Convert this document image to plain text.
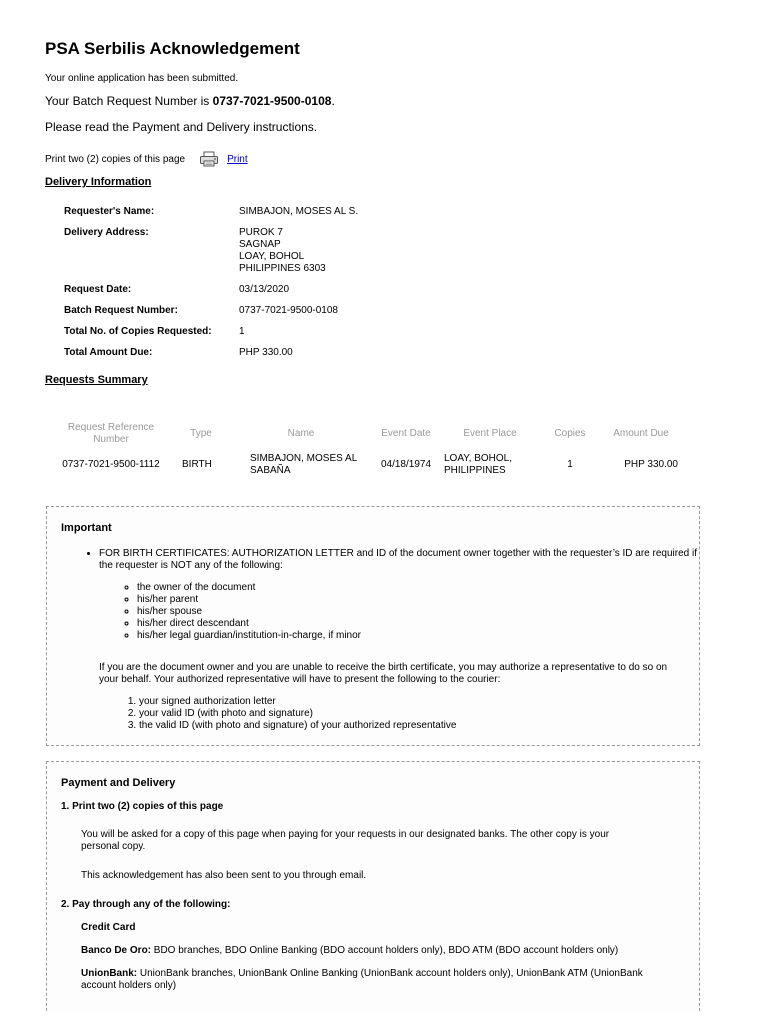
PSA Serbilis Acknowledgement

Your online application has been submitted.

Your Batch Request Number is 0737-7021-9500-0108.

Please read the Payment and Delivery instructions.

Print two (2) copies of this page	Print
Delivery Information
Requester's Name:	SIMBAJON, MOSES AL S.
Delivery Address:	PUROK 7
SAGNAP
LOAY, BOHOL
PHILIPPINES 6303
Request Date:	03/13/2020
Batch Request Number:	0737-7021-9500-0108
Total No. of Copies Requested:	1
Total Amount Due:	PHP 330.00
Requests Summary
Request Reference Number	Type	Name	Event Date	Event Place	Copies	Amount Due
0737-7021-9500-1112	BIRTH	SIMBAJON, MOSES AL SABAÑA	04/18/1974	LOAY, BOHOL, PHILIPPINES	1	PHP 330.00
Important
• FOR BIRTH CERTIFICATES: AUTHORIZATION LETTER and ID of the document owner together with the requester’s ID are required if the requester is NOT any of the following:
◦ the owner of the document
◦ his/her parent
◦ his/her spouse
◦ his/her direct descendant
◦ his/her legal guardian/institution-in-charge, if minor

If you are the document owner and you are unable to receive the birth certificate, you may authorize a representative to do so on your behalf. Your authorized representative will have to present the following to the courier:

1. your signed authorization letter
2. your valid ID (with photo and signature)
3. the valid ID (with photo and signature) of your authorized representative
Payment and Delivery
1. Print two (2) copies of this page

You will be asked for a copy of this page when paying for your requests in our designated banks. The other copy is your personal copy.

This acknowledgement has also been sent to you through email.

2. Pay through any of the following:
Credit Card

Banco De Oro: BDO branches, BDO Online Banking (BDO account holders only), BDO ATM (BDO account holders only)

UnionBank: UnionBank branches, UnionBank Online Banking (UnionBank account holders only), UnionBank ATM (UnionBank account holders only)
